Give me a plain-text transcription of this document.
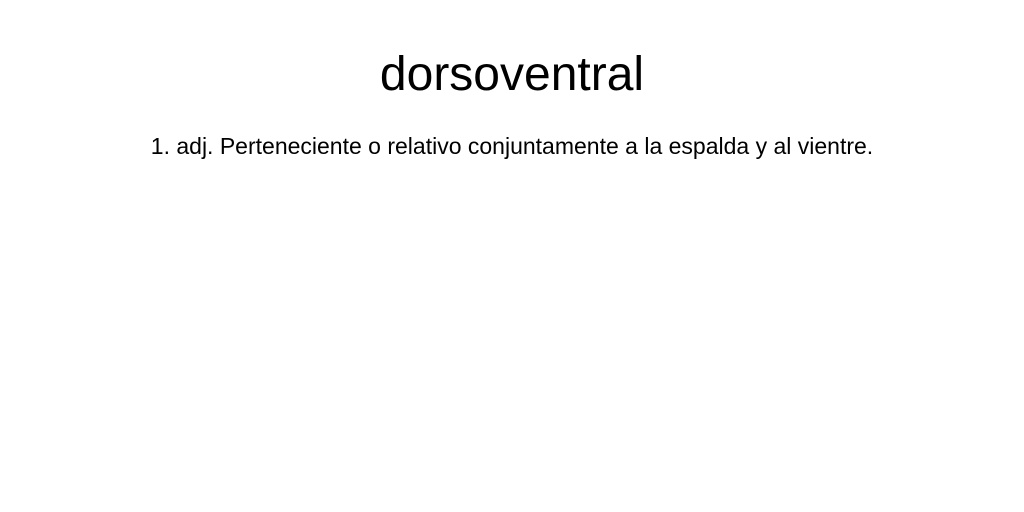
dorsoventral

1. adj. Perteneciente o relativo conjuntamente a la espalda y al vientre.
